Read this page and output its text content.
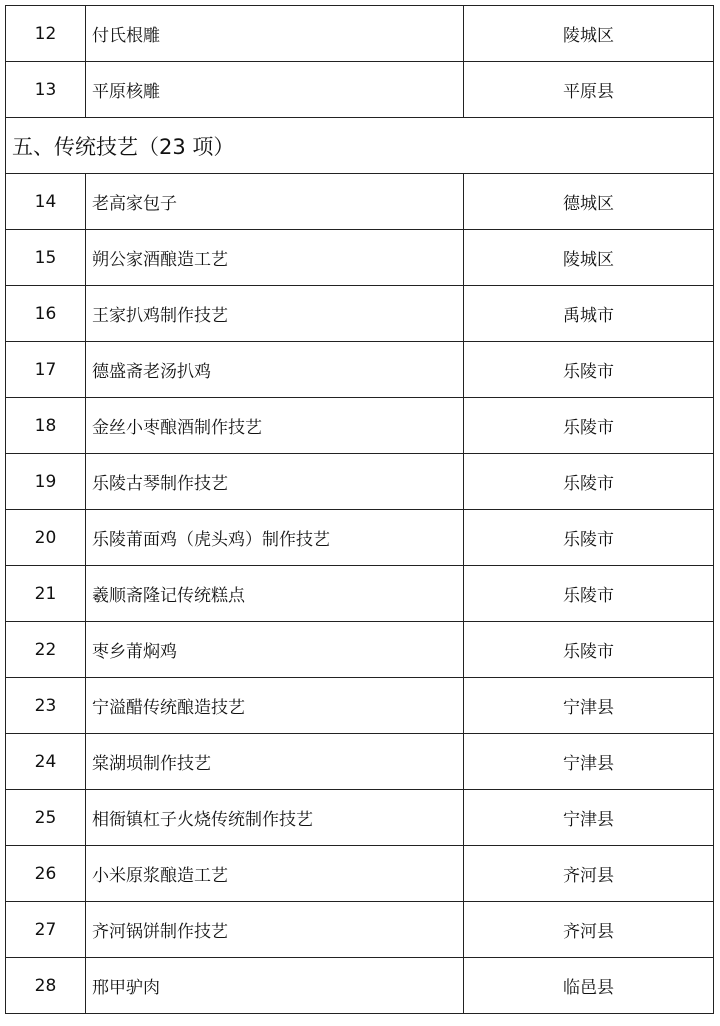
12	付氏根雕	陵城区
13	平原核雕	平原县
五、传统技艺（23 项）		
14	老高家包子	德城区
15	朔公家酒酿造工艺	陵城区
16	王家扒鸡制作技艺	禹城市
17	德盛斋老汤扒鸡	乐陵市
18	金丝小枣酿酒制作技艺	乐陵市
19	乐陵古琴制作技艺	乐陵市
20	乐陵莆面鸡（虎头鸡）制作技艺	乐陵市
21	羲顺斋隆记传统糕点	乐陵市
22	枣乡莆焖鸡	乐陵市
23	宁溢醋传统酿造技艺	宁津县
24	棠湖埙制作技艺	宁津县
25	相衙镇杠子火烧传统制作技艺	宁津县
26	小米原浆酿造工艺	齐河县
27	齐河锅饼制作技艺	齐河县
28	邢甲驴肉	临邑县
